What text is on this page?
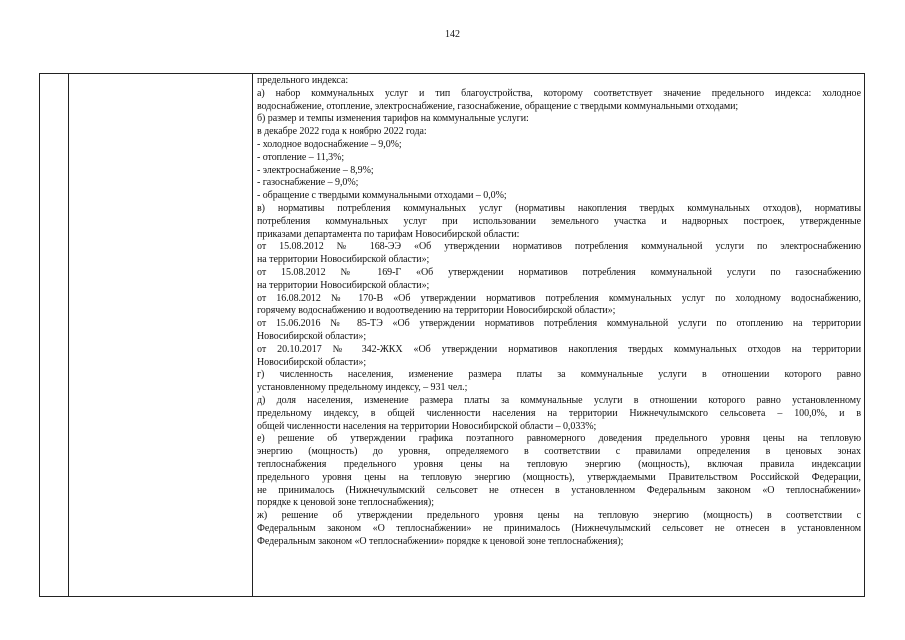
142

предельного индекса:
а) набор коммунальных услуг и тип благоустройства, которому соответствует значение предельного индекса: холодное
водоснабжение, отопление, электроснабжение, газоснабжение, обращение с твердыми коммунальными отходами;
б) размер и темпы изменения тарифов на коммунальные услуги:
в декабре 2022 года к ноябрю 2022 года:
- холодное водоснабжение – 9,0%;
- отопление – 11,3%;
- электроснабжение – 8,9%;
- газоснабжение – 9,0%;
- обращение с твердыми коммунальными отходами – 0,0%;
в) нормативы потребления коммунальных услуг (нормативы накопления твердых коммунальных отходов), нормативы
потребления коммунальных услуг при использовании земельного участка и надворных построек, утвержденные
приказами департамента по тарифам Новосибирской области:
от 15.08.2012 № 168-ЭЭ «Об утверждении нормативов потребления коммунальной услуги по электроснабжению
на территории Новосибирской области»;
от 15.08.2012 № 169-Г «Об утверждении нормативов потребления коммунальной услуги по газоснабжению
на территории Новосибирской области»;
от 16.08.2012 № 170-В «Об утверждении нормативов потребления коммунальных услуг по холодному водоснабжению,
горячему водоснабжению и водоотведению на территории Новосибирской области»;
от 15.06.2016 № 85-ТЭ «Об утверждении нормативов потребления коммунальной услуги по отоплению на территории
Новосибирской области»;
от 20.10.2017 № 342-ЖКХ «Об утверждении нормативов накопления твердых коммунальных отходов на территории
Новосибирской области»;
г) численность населения, изменение размера платы за коммунальные услуги в отношении которого равно
установленному предельному индексу, – 931 чел.;
д) доля населения, изменение размера платы за коммунальные услуги в отношении которого равно установленному
предельному индексу, в общей численности населения на территории Нижнечулымского сельсовета – 100,0%, и в
общей численности населения на территории Новосибирской области – 0,033%;
е) решение об утверждении графика поэтапного равномерного доведения предельного уровня цены на тепловую
энергию (мощность) до уровня, определяемого в соответствии с правилами определения в ценовых зонах
теплоснабжения предельного уровня цены на тепловую энергию (мощность), включая правила индексации
предельного уровня цены на тепловую энергию (мощность), утверждаемыми Правительством Российской Федерации,
не принималось (Нижнечулымский сельсовет не отнесен в установленном Федеральным законом «О теплоснабжении»
порядке к ценовой зоне теплоснабжения);
ж) решение об утверждении предельного уровня цены на тепловую энергию (мощность) в соответствии с
Федеральным законом «О теплоснабжении» не принималось (Нижнечулымский сельсовет не отнесен в установленном
Федеральным законом «О теплоснабжении» порядке к ценовой зоне теплоснабжения);
